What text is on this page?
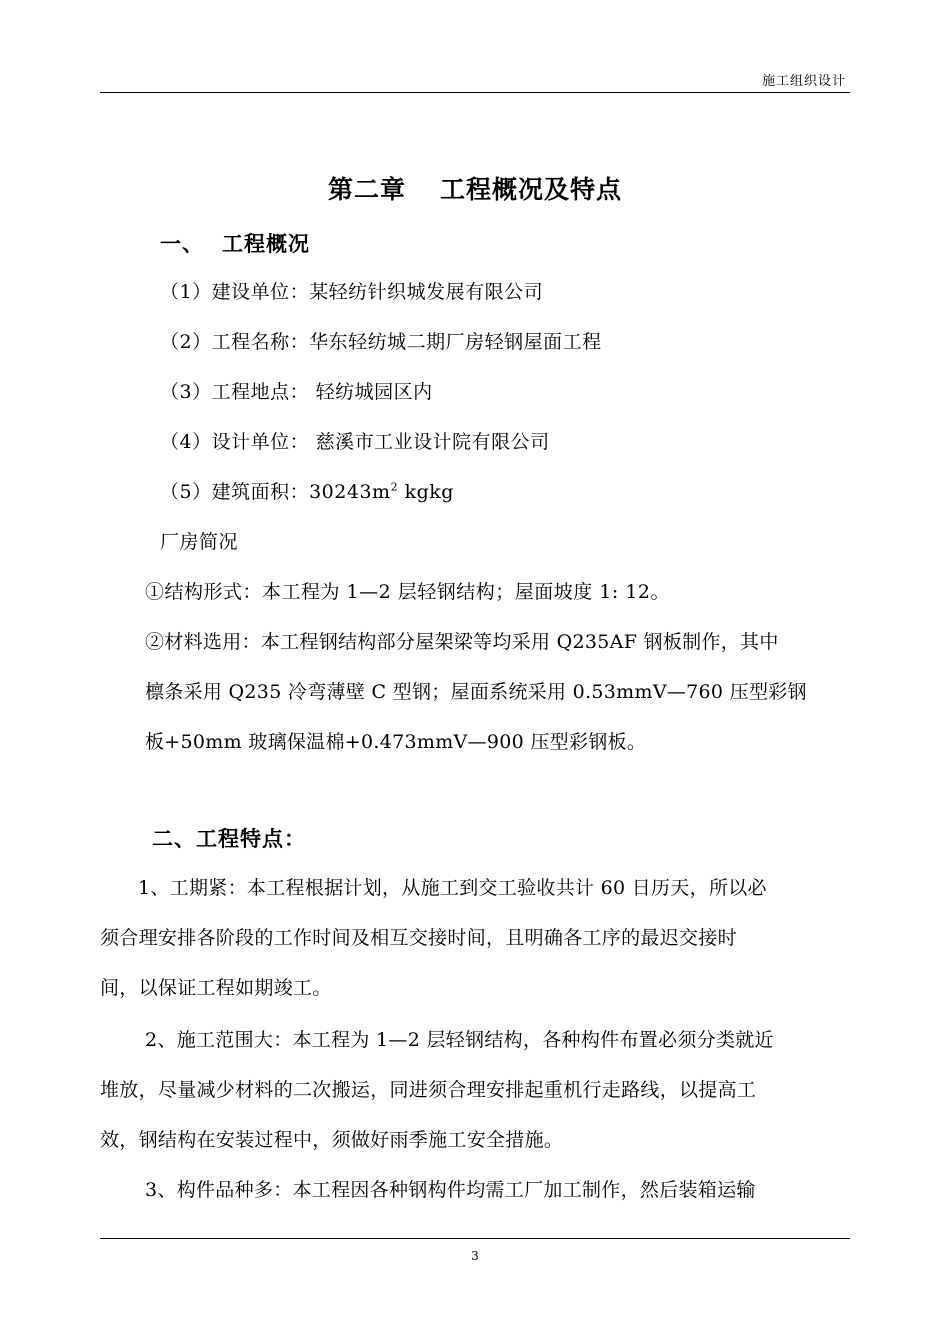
施工组织设计
第二章 工程概况及特点
一、 工程概况
（1）建设单位：某轻纺针织城发展有限公司
（2）工程名称：华东轻纺城二期厂房轻钢屋面工程
（3）工程地点： 轻纺城园区内
（4）设计单位： 慈溪市工业设计院有限公司
（5）建筑面积：$30243m^2$ kgkg
厂房简况
①结构形式：本工程为 1—2 层轻钢结构；屋面坡度 1: 12。
②材料选用：本工程钢结构部分屋架梁等均采用 Q235AF 钢板制作，其中
檩条采用 Q235 冷弯薄壁 C 型钢；屋面系统采用 0.53mmV—760 压型彩钢
板+50mm 玻璃保温棉+0.473mmV—900 压型彩钢板。
二、工程特点：
1、工期紧：本工程根据计划，从施工到交工验收共计 60 日历天，所以必
须合理安排各阶段的工作时间及相互交接时间，且明确各工序的最迟交接时
间，以保证工程如期竣工。
2、施工范围大：本工程为 1—2 层轻钢结构，各种构件布置必须分类就近
堆放，尽量减少材料的二次搬运，同进须合理安排起重机行走路线，以提高工
效，钢结构在安装过程中，须做好雨季施工安全措施。
3、构件品种多：本工程因各种钢构件均需工厂加工制作，然后装箱运输
3
